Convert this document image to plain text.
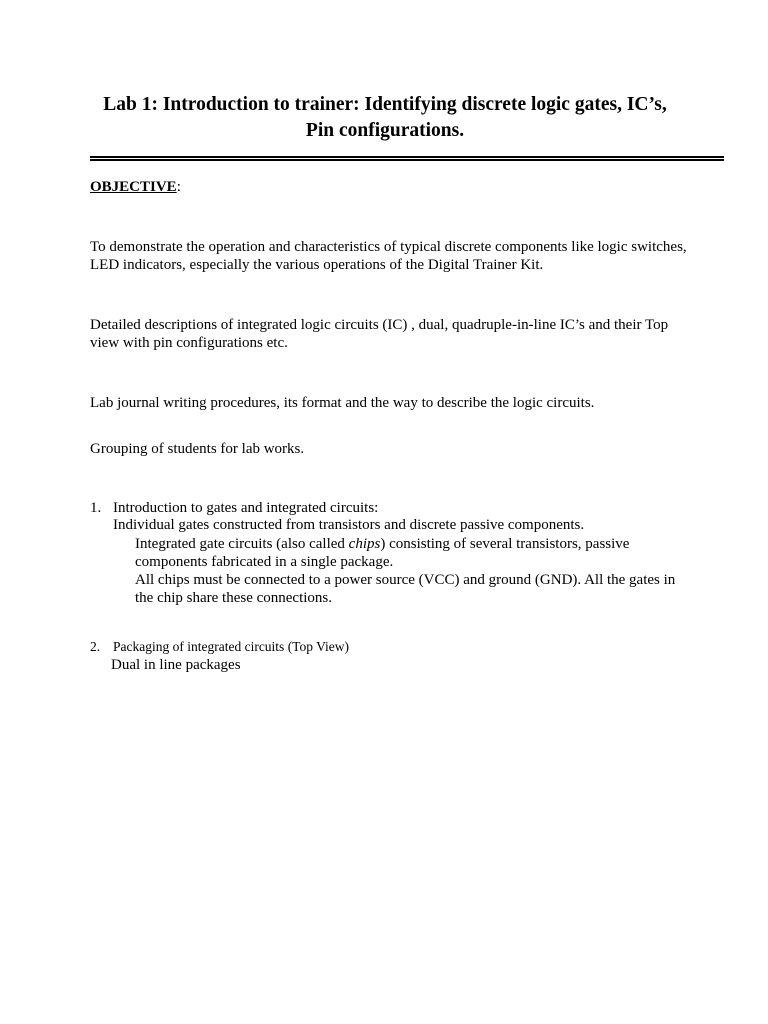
Lab 1: Introduction to trainer: Identifying discrete logic gates, IC’s,
Pin configurations.
OBJECTIVE:
To demonstrate the operation and characteristics of typical discrete components like logic switches, LED indicators, especially the various operations of the Digital Trainer Kit.
Detailed descriptions of integrated logic circuits (IC) , dual, quadruple-in-line IC’s and their Top view with pin configurations etc.
Lab journal writing procedures, its format and the way to describe the logic circuits.
Grouping of students for lab works.
1. Introduction to gates and integrated circuits:
Individual gates constructed from transistors and discrete passive components.
Integrated gate circuits (also called chips) consisting of several transistors, passive components fabricated in a single package.
All chips must be connected to a power source (VCC) and ground (GND). All the gates in the chip share these connections.
2. Packaging of integrated circuits (Top View)
Dual in line packages
